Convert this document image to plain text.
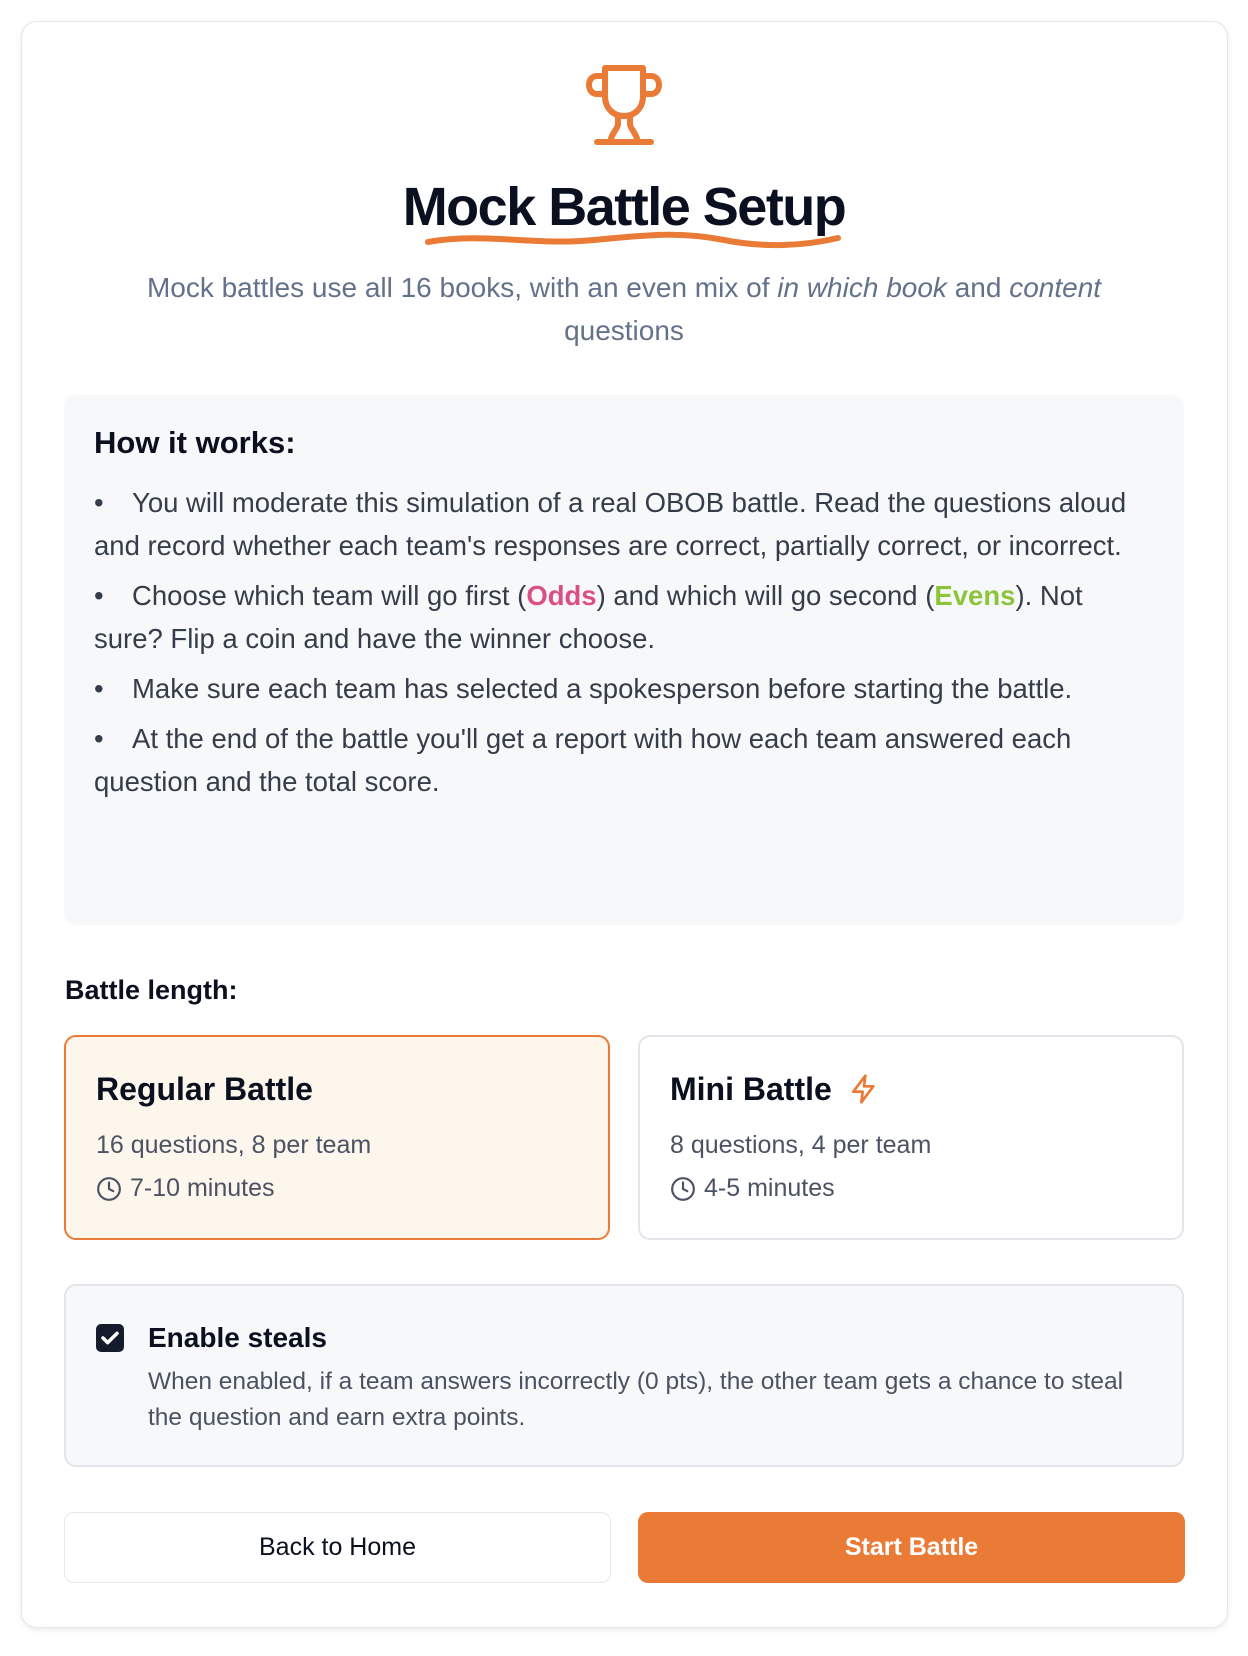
Mock Battle Setup
Mock battles use all 16 books, with an even mix of in which book and content questions
How it works:
• You will moderate this simulation of a real OBOB battle. Read the questions aloud and record whether each team's responses are correct, partially correct, or incorrect.
• Choose which team will go first (Odds) and which will go second (Evens). Not sure? Flip a coin and have the winner choose.
• Make sure each team has selected a spokesperson before starting the battle.
• At the end of the battle you'll get a report with how each team answered each question and the total score.
Battle length:
Regular Battle
16 questions, 8 per team
7-10 minutes
Mini Battle
8 questions, 4 per team
4-5 minutes
Enable steals

When enabled, if a team answers incorrectly (0 pts), the other team gets a chance to steal the question and earn extra points.

Back to Home	Start Battle
